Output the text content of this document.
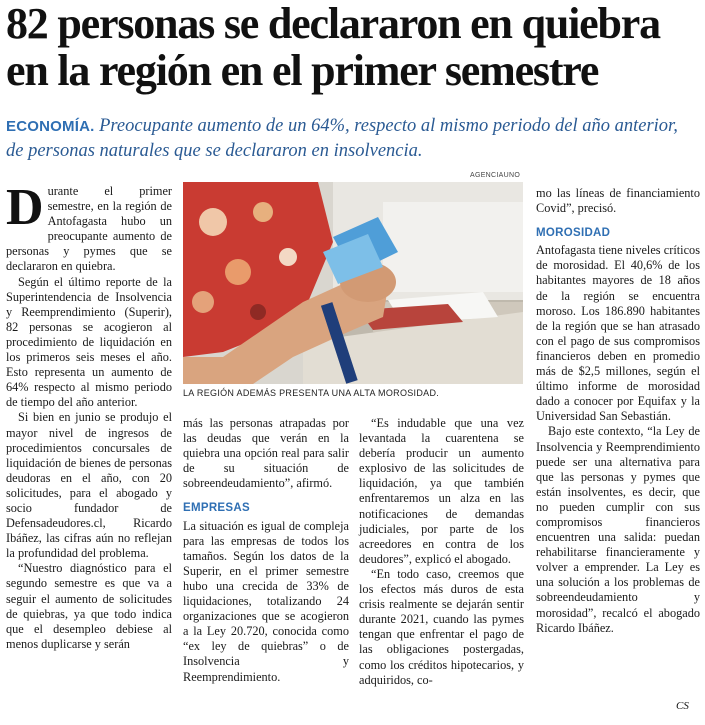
82 personas se declararon en quiebra en la región en el primer semestre

ECONOMÍA. Preocupante aumento de un 64%, respecto al mismo periodo del año anterior, de personas naturales que se declararon en insolvencia.

Durante el primer semestre, en la región de Antofagasta hubo un preocupante aumento de personas y pymes que se declararon en quiebra.

Según el último reporte de la Superintendencia de Insolvencia y Reemprendimiento (Superir), 82 personas se acogieron al procedimiento de liquidación en los primeros seis meses el año. Esto representa un aumento de 64% respecto al mismo periodo de tiempo del año anterior.

Si bien en junio se produjo el mayor nivel de ingresos de procedimientos concursales de liquidación de bienes de personas deudoras en el año, con 20 solicitudes, para el abogado y socio fundador de Defensadeudores.cl, Ricardo Ibáñez, las cifras aún no reflejan la profundidad del problema.

“Nuestro diagnóstico para el segundo semestre es que va a seguir el aumento de solicitudes de quiebras, ya que todo indica que el desempleo debiese al menos duplicarse y serán

AGENCIAUNO
LA REGIÓN ADEMÁS PRESENTA UNA ALTA MOROSIDAD.

más las personas atrapadas por las deudas que verán en la quiebra una opción real para salir de su situación de sobreendeudamiento”, afirmó.

EMPRESAS

La situación es igual de compleja para las empresas de todos los tamaños. Según los datos de la Superir, en el primer semestre hubo una crecida de 33% de liquidaciones, totalizando 24 organizaciones que se acogieron a la Ley 20.720, conocida como “ex ley de quiebras” o de Insolvencia y Reemprendimiento.

“Es indudable que una vez levantada la cuarentena se debería producir un aumento explosivo de las solicitudes de liquidación, ya que también enfrentaremos un alza en las notificaciones de demandas judiciales, por parte de los acreedores en contra de los deudores”, explicó el abogado.

“En todo caso, creemos que los efectos más duros de esta crisis realmente se dejarán sentir durante 2021, cuando las pymes tengan que enfrentar el pago de las obligaciones postergadas, como los créditos hipotecarios, y adquiridos, co-

mo las líneas de financiamiento Covid”, precisó.

MOROSIDAD

Antofagasta tiene niveles críticos de morosidad. El 40,6% de los habitantes mayores de 18 años de la región se encuentra moroso. Los 186.890 habitantes de la región que se han atrasado con el pago de sus compromisos financieros deben en promedio más de $2,5 millones, según el último informe de morosidad dado a conocer por Equifax y la Universidad San Sebastián.

Bajo este contexto, “la Ley de Insolvencia y Reemprendimiento puede ser una alternativa para que las personas y pymes que están insolventes, es decir, que no pueden cumplir con sus compromisos financieros encuentren una salida: puedan rehabilitarse financieramente y volver a emprender. La Ley es una solución a los problemas de sobreendeudamiento y morosidad”, recalcó el abogado Ricardo Ibáñez.

CS
